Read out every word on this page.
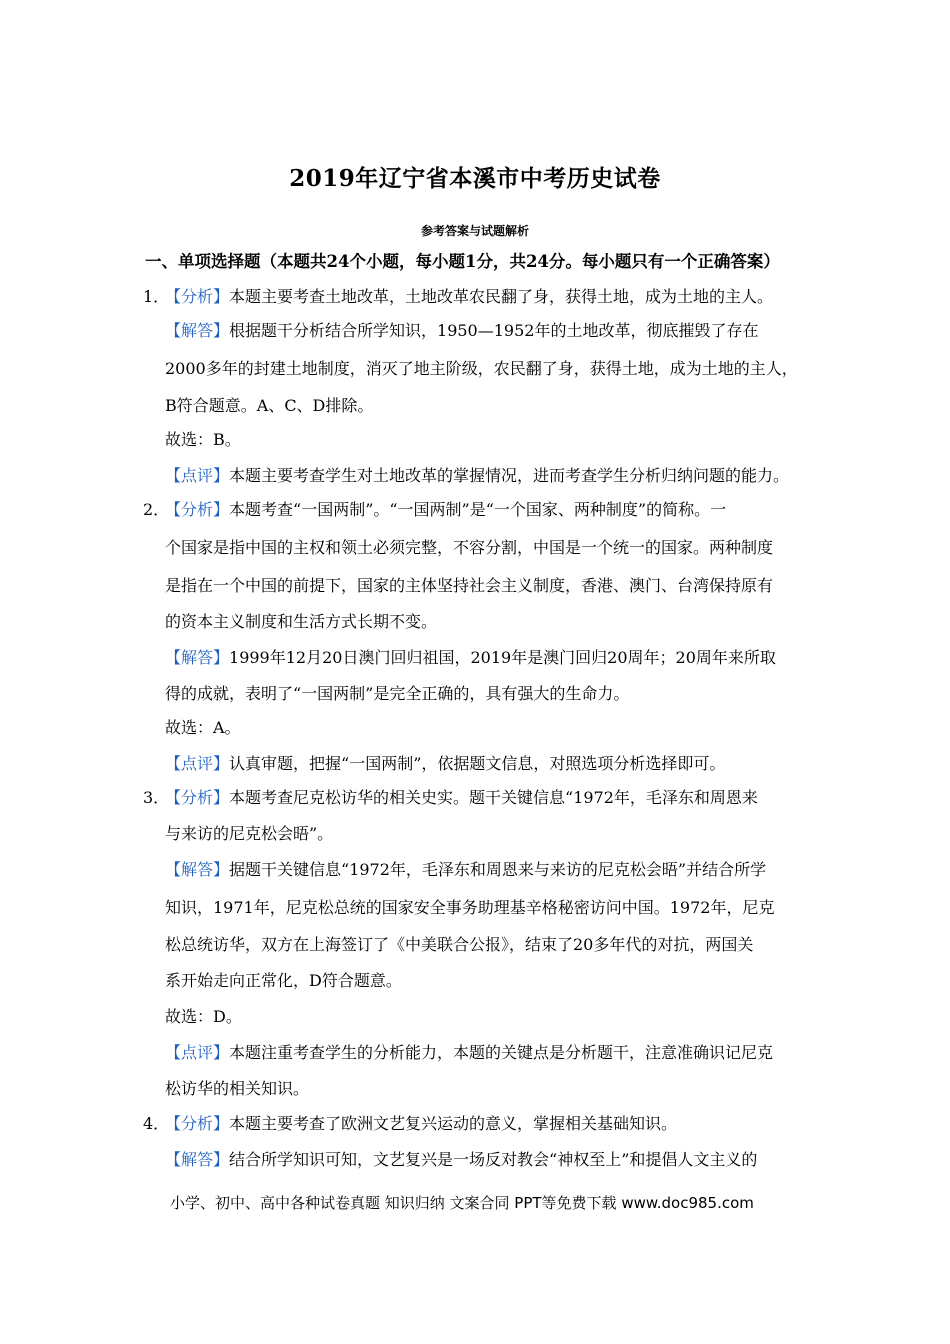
2019年辽宁省本溪市中考历史试卷
参考答案与试题解析
一、单项选择题（本题共24个小题，每小题1分，共24分。每小题只有一个正确答案）
1．
【分析】本题主要考查土地改革，土地改革农民翻了身，获得土地，成为土地的主人。
【解答】根据题干分析结合所学知识，1950—1952年的土地改革，彻底摧毁了存在
2000多年的封建土地制度，消灭了地主阶级，农民翻了身，获得土地，成为土地的主人，
B符合题意。A、C、D排除。
故选：B。
【点评】本题主要考查学生对土地改革的掌握情况，进而考查学生分析归纳问题的能力。
2．
【分析】本题考查“一国两制”。“一国两制”是“一个国家、两种制度”的简称。一
个国家是指中国的主权和领土必须完整，不容分割，中国是一个统一的国家。两种制度
是指在一个中国的前提下，国家的主体坚持社会主义制度，香港、澳门、台湾保持原有
的资本主义制度和生活方式长期不变。
【解答】1999年12月20日澳门回归祖国，2019年是澳门回归20周年；20周年来所取
得的成就，表明了“一国两制”是完全正确的，具有强大的生命力。
故选：A。
【点评】认真审题，把握“一国两制”，依据题文信息，对照选项分析选择即可。
3．
【分析】本题考查尼克松访华的相关史实。题干关键信息“1972年，毛泽东和周恩来
与来访的尼克松会晤”。
【解答】据题干关键信息“1972年，毛泽东和周恩来与来访的尼克松会晤”并结合所学
知识，1971年，尼克松总统的国家安全事务助理基辛格秘密访问中国。1972年，尼克
松总统访华，双方在上海签订了《中美联合公报》，结束了20多年代的对抗，两国关
系开始走向正常化，D符合题意。
故选：D。
【点评】本题注重考查学生的分析能力，本题的关键点是分析题干，注意准确识记尼克
松访华的相关知识。
4．
【分析】本题主要考查了欧洲文艺复兴运动的意义，掌握相关基础知识。
【解答】结合所学知识可知，文艺复兴是一场反对教会“神权至上”和提倡人文主义的
小学、初中、高中各种试卷真题 知识归纳 文案合同 PPT等免费下载 www.doc985.com
